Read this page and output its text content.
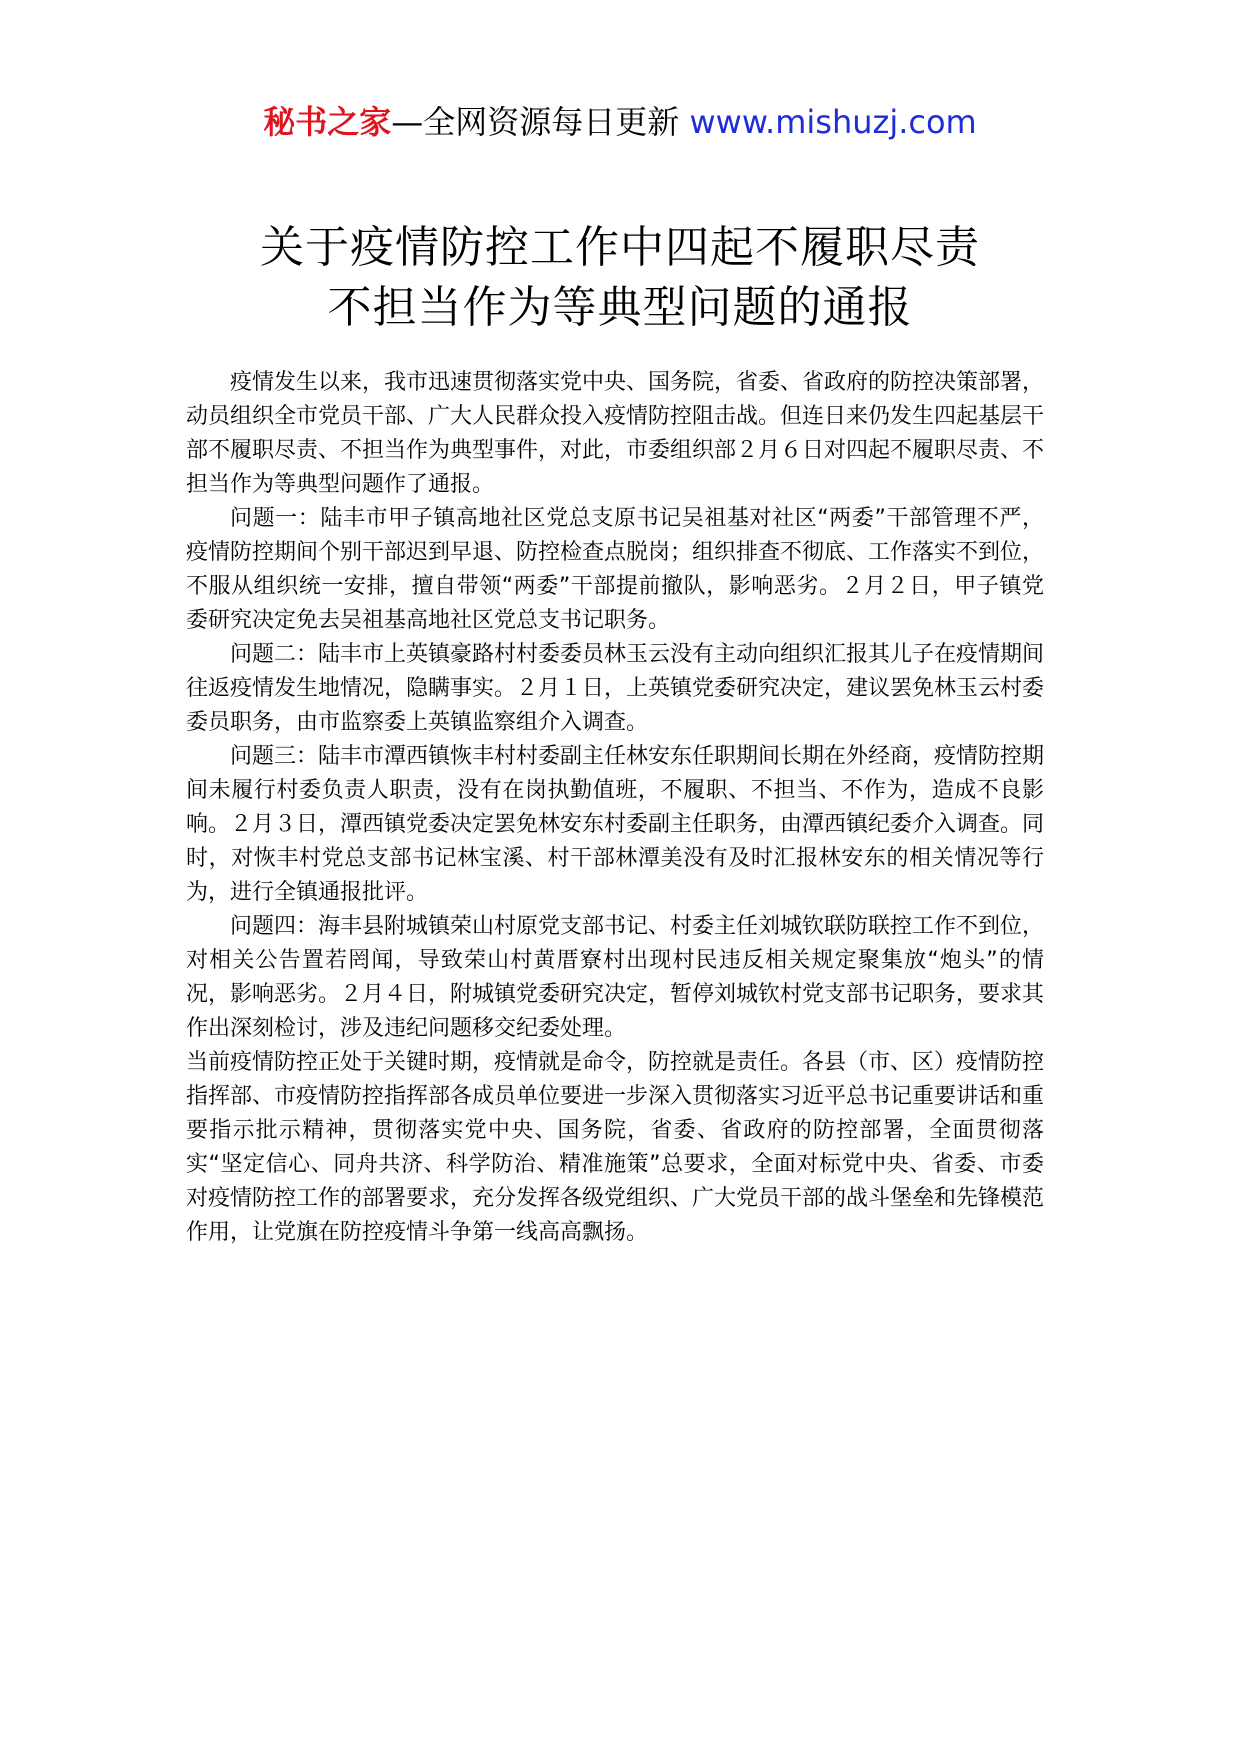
秘书之家—全网资源每日更新 www.mishuzj.com
关于疫情防控工作中四起不履职尽责
不担当作为等典型问题的通报

疫情发生以来，我市迅速贯彻落实党中央、国务院，省委、省政府的防控决策部署，动员组织全市党员干部、广大人民群众投入疫情防控阻击战。但连日来仍发生四起基层干部不履职尽责、不担当作为典型事件，对此，市委组织部２月６日对四起不履职尽责、不担当作为等典型问题作了通报。

问题一：陆丰市甲子镇高地社区党总支原书记吴祖基对社区“两委”干部管理不严，疫情防控期间个别干部迟到早退、防控检查点脱岗；组织排查不彻底、工作落实不到位，不服从组织统一安排，擅自带领“两委”干部提前撤队，影响恶劣。２月２日，甲子镇党委研究决定免去吴祖基高地社区党总支书记职务。

问题二：陆丰市上英镇豪路村村委委员林玉云没有主动向组织汇报其儿子在疫情期间往返疫情发生地情况，隐瞒事实。２月１日，上英镇党委研究决定，建议罢免林玉云村委委员职务，由市监察委上英镇监察组介入调查。

问题三：陆丰市潭西镇恢丰村村委副主任林安东任职期间长期在外经商，疫情防控期间未履行村委负责人职责，没有在岗执勤值班，不履职、不担当、不作为，造成不良影响。２月３日，潭西镇党委决定罢免林安东村委副主任职务，由潭西镇纪委介入调查。同时，对恢丰村党总支部书记林宝溪、村干部林潭美没有及时汇报林安东的相关情况等行为，进行全镇通报批评。

问题四：海丰县附城镇荣山村原党支部书记、村委主任刘城钦联防联控工作不到位，对相关公告置若罔闻，导致荣山村黄厝寮村出现村民违反相关规定聚集放“炮头”的情况，影响恶劣。２月４日，附城镇党委研究决定，暂停刘城钦村党支部书记职务，要求其作出深刻检讨，涉及违纪问题移交纪委处理。

当前疫情防控正处于关键时期，疫情就是命令，防控就是责任。各县（市、区）疫情防控指挥部、市疫情防控指挥部各成员单位要进一步深入贯彻落实习近平总书记重要讲话和重要指示批示精神，贯彻落实党中央、国务院，省委、省政府的防控部署，全面贯彻落实“坚定信心、同舟共济、科学防治、精准施策”总要求，全面对标党中央、省委、市委对疫情防控工作的部署要求，充分发挥各级党组织、广大党员干部的战斗堡垒和先锋模范作用，让党旗在防控疫情斗争第一线高高飘扬。
